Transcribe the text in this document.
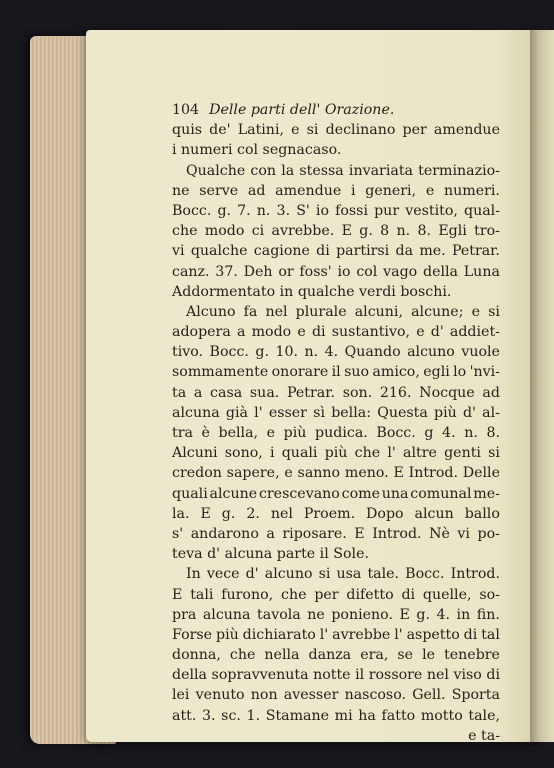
104 Delle parti dell' Orazione.
quis de' Latini, e si declinano per amendue
i numeri col segnacaso.
Qualche con la stessa invariata terminazio-
ne serve ad amendue i generi, e numeri.
Bocc. g. 7. n. 3. S' io fossi pur vestito, qual-
che modo ci avrebbe. E g. 8 n. 8. Egli tro-
vi qualche cagione di partirsi da me. Petrar.
canz. 37. Deh or foss' io col vago della Luna
Addormentato in qualche verdi boschi.
Alcuno fa nel plurale alcuni, alcune; e si
adopera a modo e di sustantivo, e d' addiet-
tivo. Bocc. g. 10. n. 4. Quando alcuno vuole
sommamente onorare il suo amico, egli lo 'nvi-
ta a casa sua. Petrar. son. 216. Nocque ad
alcuna già l' esser sì bella: Questa più d' al-
tra è bella, e più pudica. Bocc. g 4. n. 8.
Alcuni sono, i quali più che l' altre genti si
credon sapere, e sanno meno. E Introd. Delle
quali alcune crescevano come una comunal me-
la. E g. 2. nel Proem. Dopo alcun ballo
s' andarono a riposare. E Introd. Nè vi po-
teva d' alcuna parte il Sole.
In vece d' alcuno si usa tale. Bocc. Introd.
E tali furono, che per difetto di quelle, so-
pra alcuna tavola ne ponieno. E g. 4. in fin.
Forse più dichiarato l' avrebbe l' aspetto di tal
donna, che nella danza era, se le tenebre
della sopravvenuta notte il rossore nel viso di
lei venuto non avesser nascoso. Gell. Sporta
att. 3. sc. 1. Stamane mi ha fatto motto tale,
e ta-
